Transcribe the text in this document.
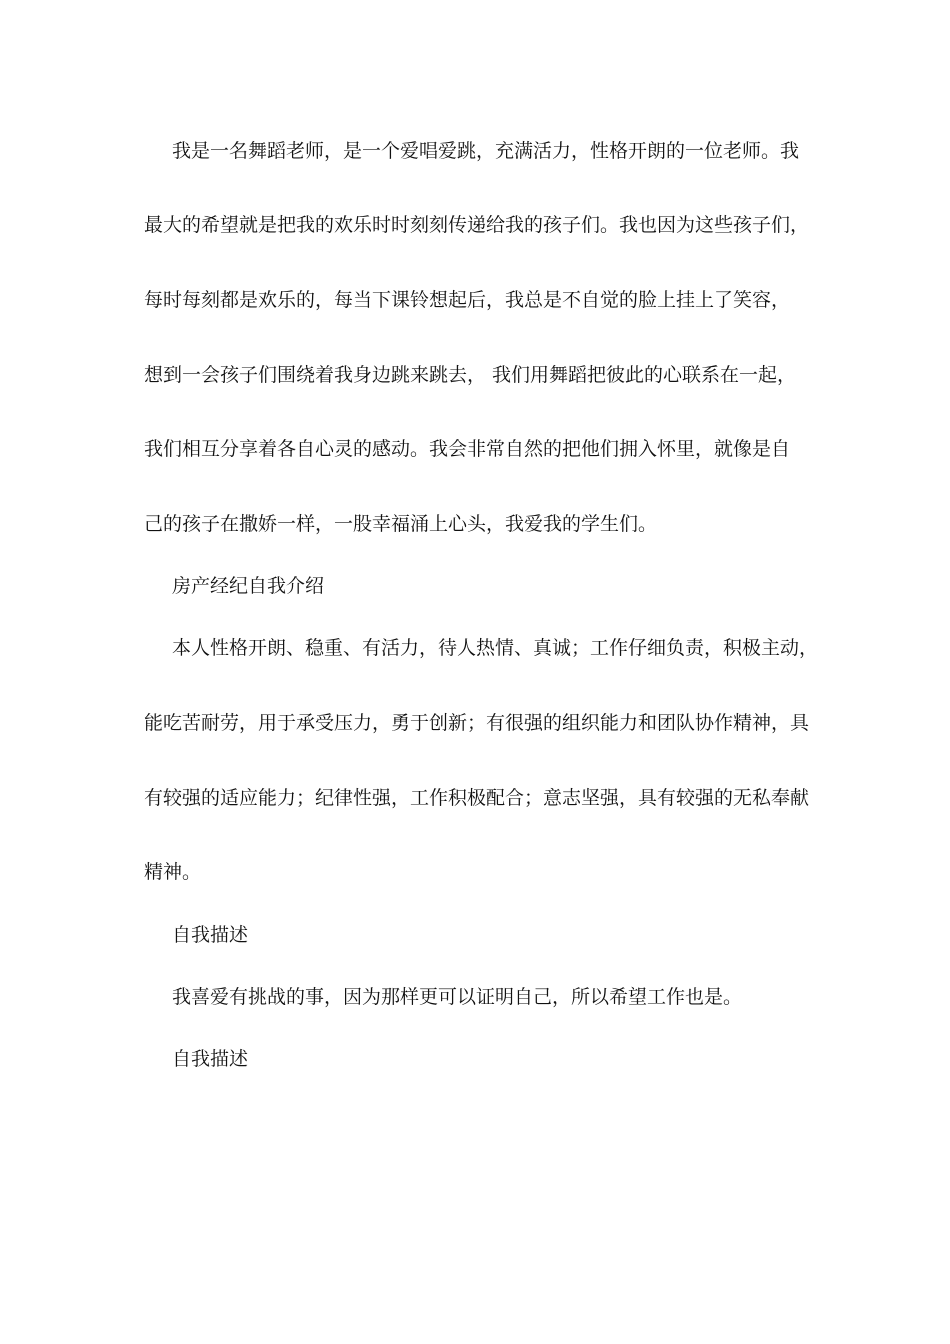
我是一名舞蹈老师，是一个爱唱爱跳，充满活力，性格开朗的一位老师。我
最大的希望就是把我的欢乐时时刻刻传递给我的孩子们。我也因为这些孩子们，
每时每刻都是欢乐的，每当下课铃想起后，我总是不自觉的脸上挂上了笑容，
想到一会孩子们围绕着我身边跳来跳去， 我们用舞蹈把彼此的心联系在一起，
我们相互分享着各自心灵的感动。我会非常自然的把他们拥入怀里，就像是自
己的孩子在撒娇一样，一股幸福涌上心头，我爱我的学生们。
房产经纪自我介绍
本人性格开朗、稳重、有活力，待人热情、真诚；工作仔细负责，积极主动，
能吃苦耐劳，用于承受压力，勇于创新；有很强的组织能力和团队协作精神，具
有较强的适应能力；纪律性强，工作积极配合；意志坚强，具有较强的无私奉献
精神。
自我描述
我喜爱有挑战的事，因为那样更可以证明自己，所以希望工作也是。
自我描述
